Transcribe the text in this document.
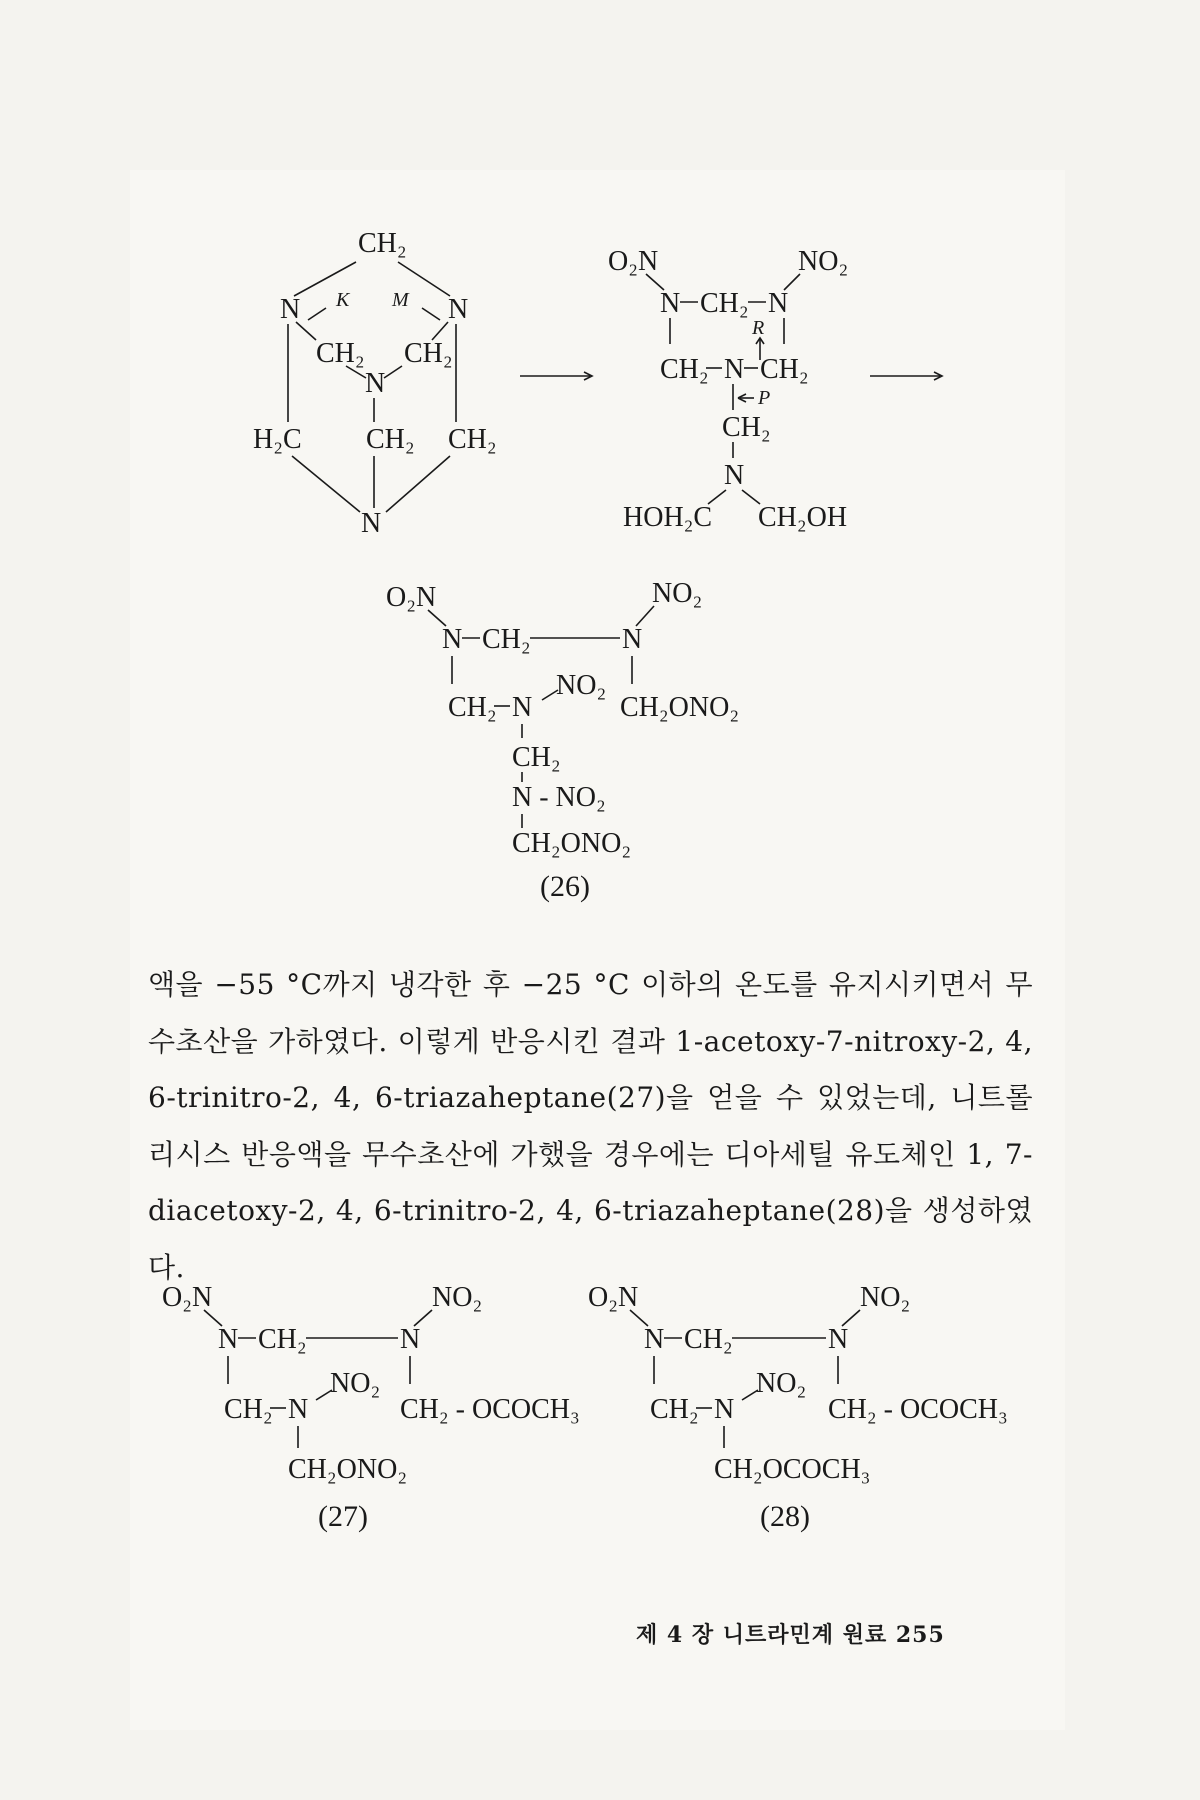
CH₂
N	N
K M
CH₂ CH₂
N
H₂C CH₂ CH₂
N
O₂N	NO₂
N CH₂ N
R
CH₂ N CH₂
P
CH₂
N
HOH₂C CH₂OH
O₂N	NO₂
N CH₂	N
NO₂
CH₂ N	CH₂ONO₂
CH₂
N - NO₂
CH₂ONO₂
O₂N	NO₂
N CH₂	N
NO₂
CH₂ N	CH₂ - OCOCH₃
CH₂ONO₂
O₂N	NO₂
N CH₂	N
NO₂
CH₂ N	CH₂ - OCOCH₃
CH₂OCOCH₃
(26)
(27)	(28)

액을 −55 °C까지 냉각한 후 −25 °C 이하의 온도를 유지시키면서 무수초산을 가하였다. 이렇게 반응시킨 결과 1-acetoxy-7-nitroxy-2, 4, 6-trinitro-2, 4, 6-triazaheptane(27)을 얻을 수 있었는데, 니트롤리시스 반응액을 무수초산에 가했을 경우에는 디아세틸 유도체인 1, 7-diacetoxy-2, 4, 6-trinitro-2, 4, 6-triazaheptane(28)을 생성하였다.

제 4 장 니트라민계 원료 255
